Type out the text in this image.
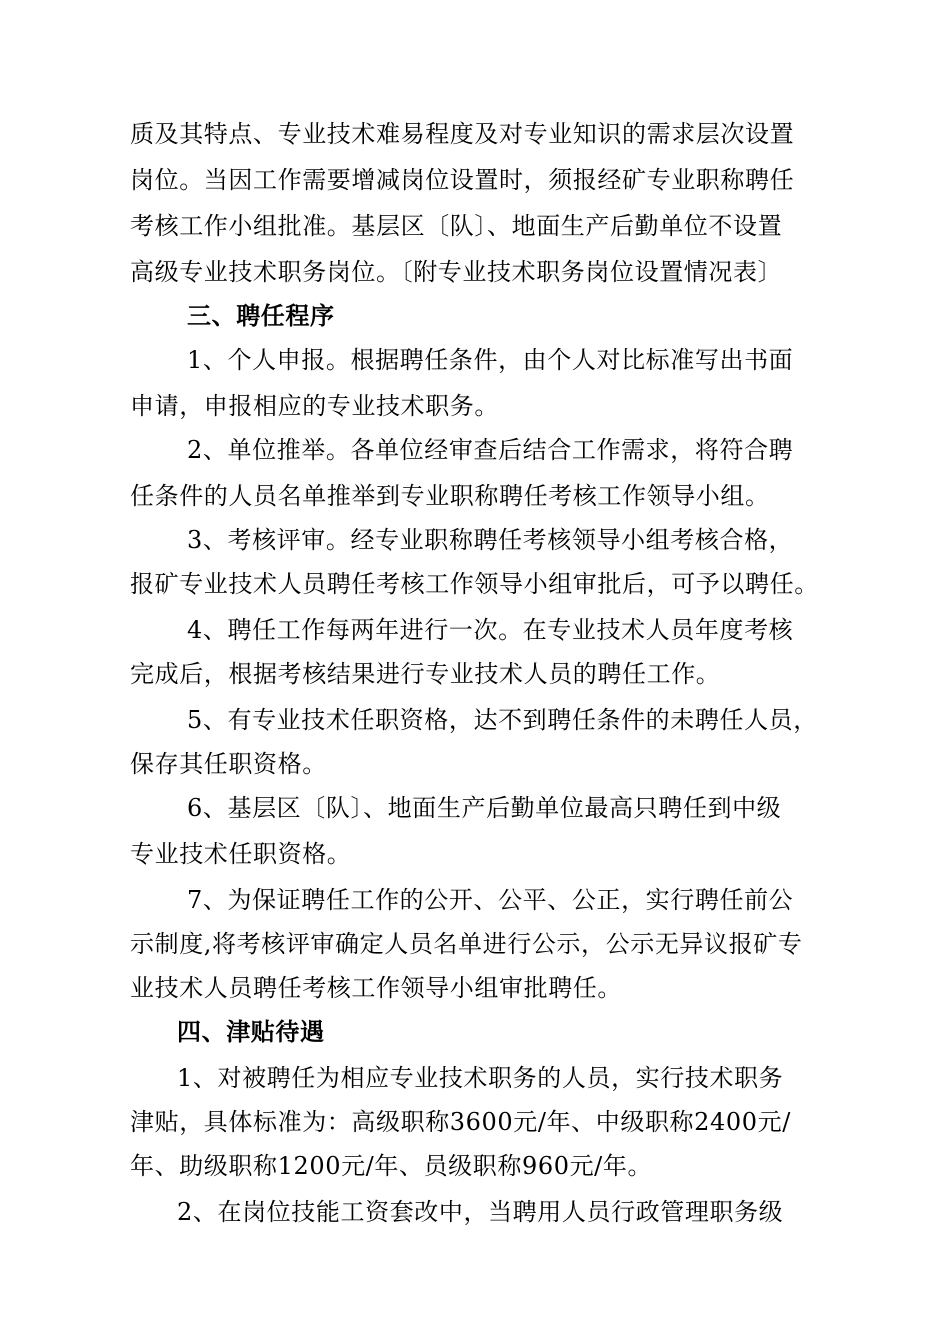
质及其特点、专业技术难易程度及对专业知识的需求层次设置
岗位。当因工作需要增减岗位设置时，须报经矿专业职称聘任
考核工作小组批准。基层区〔队〕、地面生产后勤单位不设置
高级专业技术职务岗位。〔附专业技术职务岗位设置情况表〕
三、聘任程序
1、个人申报。根据聘任条件，由个人对比标准写出书面
申请，申报相应的专业技术职务。
2、单位推举。各单位经审查后结合工作需求，将符合聘
任条件的人员名单推举到专业职称聘任考核工作领导小组。
3、考核评审。经专业职称聘任考核领导小组考核合格，
报矿专业技术人员聘任考核工作领导小组审批后，可予以聘任。
4、聘任工作每两年进行一次。在专业技术人员年度考核
完成后，根据考核结果进行专业技术人员的聘任工作。
5、有专业技术任职资格，达不到聘任条件的未聘任人员，
保存其任职资格。
6、基层区〔队〕、地面生产后勤单位最高只聘任到中级
专业技术任职资格。
7、为保证聘任工作的公开、公平、公正，实行聘任前公
示制度,将考核评审确定人员名单进行公示，公示无异议报矿专
业技术人员聘任考核工作领导小组审批聘任。
四、津贴待遇
1、对被聘任为相应专业技术职务的人员，实行技术职务
津贴，具体标准为：高级职称3600元/年、中级职称2400元/
年、助级职称1200元/年、员级职称960元/年。
2、在岗位技能工资套改中，当聘用人员行政管理职务级
